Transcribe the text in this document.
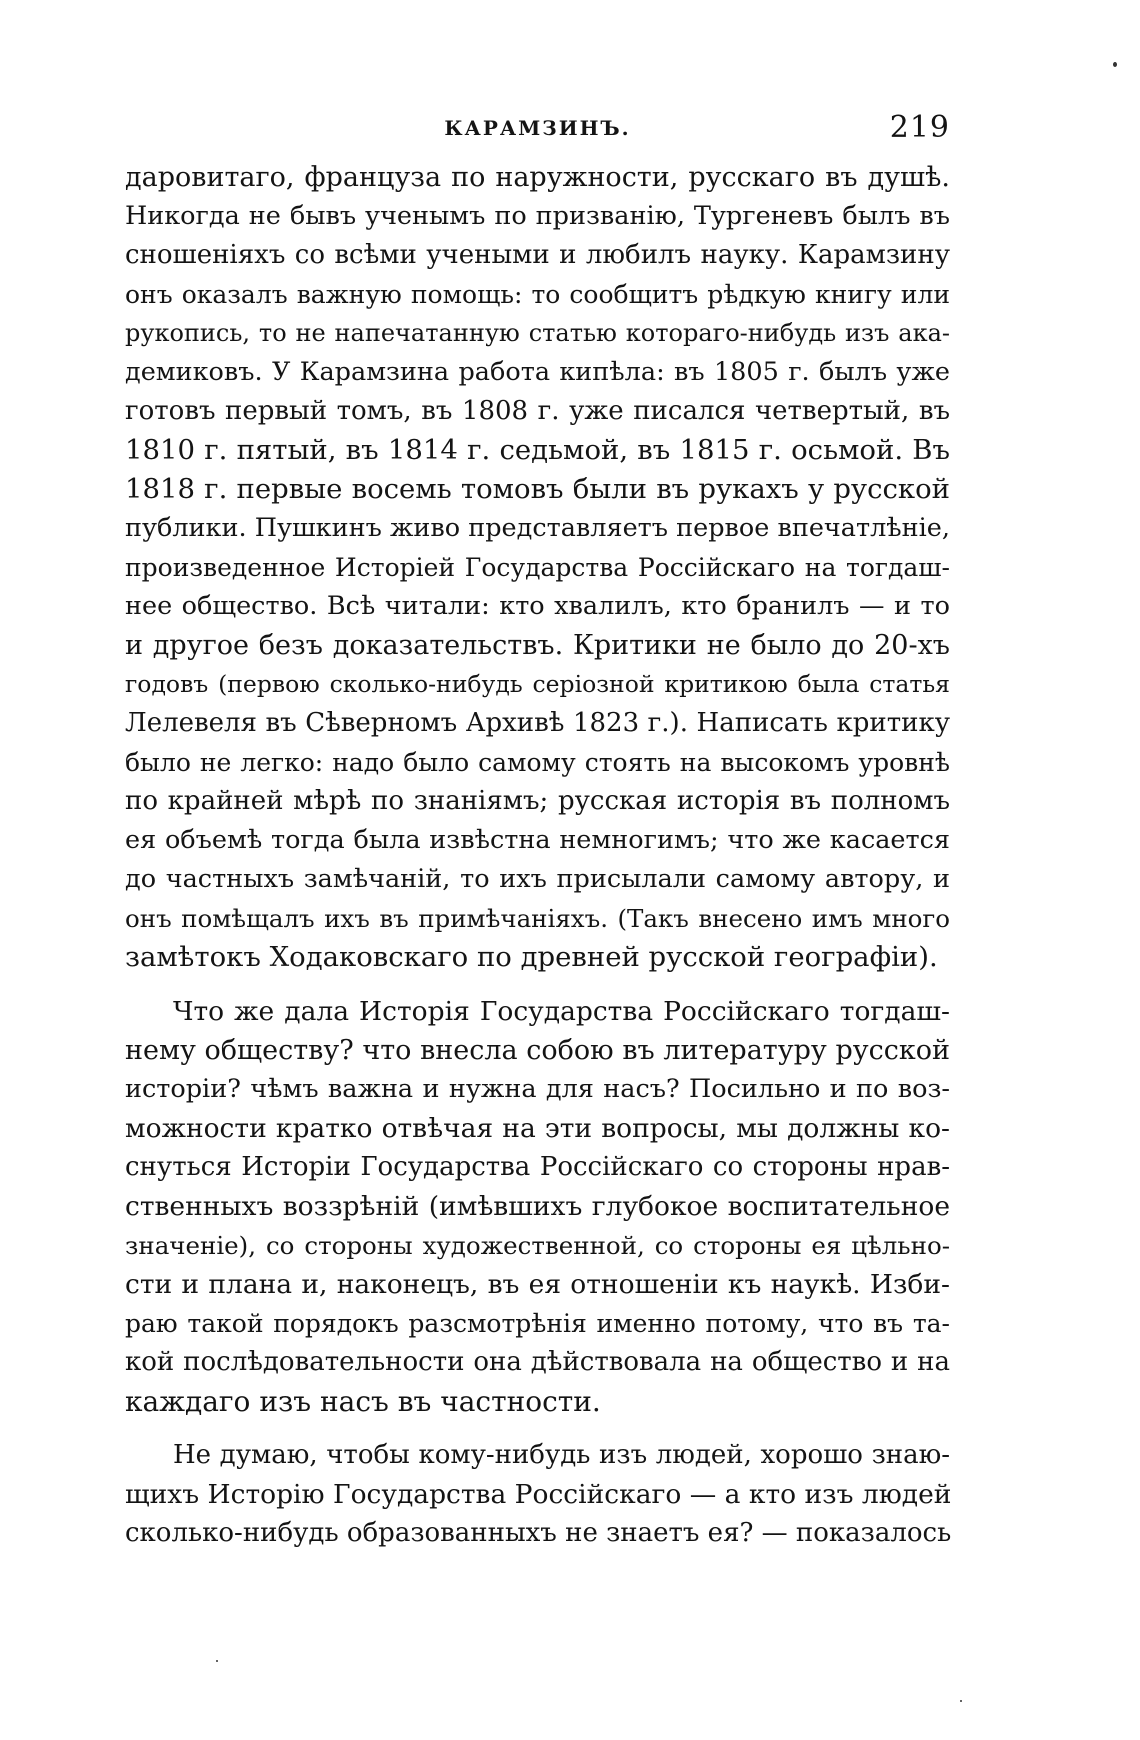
КАРАМЗИНЪ.	219
даровитаго, француза по наружности, русскаго въ душѣ.
Никогда не бывъ ученымъ по призванію, Тургеневъ былъ въ
сношеніяхъ со всѣми учеными и любилъ науку. Карамзину
онъ оказалъ важную помощь: то сообщитъ рѣдкую книгу или
рукопись, то не напечатанную статью котораго-нибудь изъ ака-
демиковъ. У Карамзина работа кипѣла: въ 1805 г. былъ уже
готовъ первый томъ, въ 1808 г. уже писался четвертый, въ
1810 г. пятый, въ 1814 г. седьмой, въ 1815 г. осьмой. Въ
1818 г. первые восемь томовъ были въ рукахъ у русской
публики. Пушкинъ живо представляетъ первое впечатлѣніе,
произведенное Исторіей Государства Россійскаго на тогдаш-
нее общество. Всѣ читали: кто хвалилъ, кто бранилъ — и то
и другое безъ доказательствъ. Критики не было до 20-хъ
годовъ (первою сколько-нибудь серіозной критикою была статья
Лелевеля въ Сѣверномъ Архивѣ 1823 г.). Написать критику
было не легко: надо было самому стоять на высокомъ уровнѣ
по крайней мѣрѣ по знаніямъ; русская исторія въ полномъ
ея объемѣ тогда была извѣстна немногимъ; что же касается
до частныхъ замѣчаній, то ихъ присылали самому автору, и
онъ помѣщалъ ихъ въ примѣчаніяхъ. (Такъ внесено имъ много
замѣтокъ Ходаковскаго по древней русской географіи).
Что же дала Исторія Государства Россійскаго тогдаш-
нему обществу? что внесла собою въ литературу русской
исторіи? чѣмъ важна и нужна для насъ? Посильно и по воз-
можности кратко отвѣчая на эти вопросы, мы должны ко-
снуться Исторіи Государства Россійскаго со стороны нрав-
ственныхъ воззрѣній (имѣвшихъ глубокое воспитательное
значеніе), со стороны художественной, со стороны ея цѣльно-
сти и плана и, наконецъ, въ ея отношеніи къ наукѣ. Изби-
раю такой порядокъ разсмотрѣнія именно потому, что въ та-
кой послѣдовательности она дѣйствовала на общество и на
каждаго изъ насъ въ частности.
Не думаю, чтобы кому-нибудь изъ людей, хорошо знаю-
щихъ Исторію Государства Россійскаго — а кто изъ людей
сколько-нибудь образованныхъ не знаетъ ея? — показалось
